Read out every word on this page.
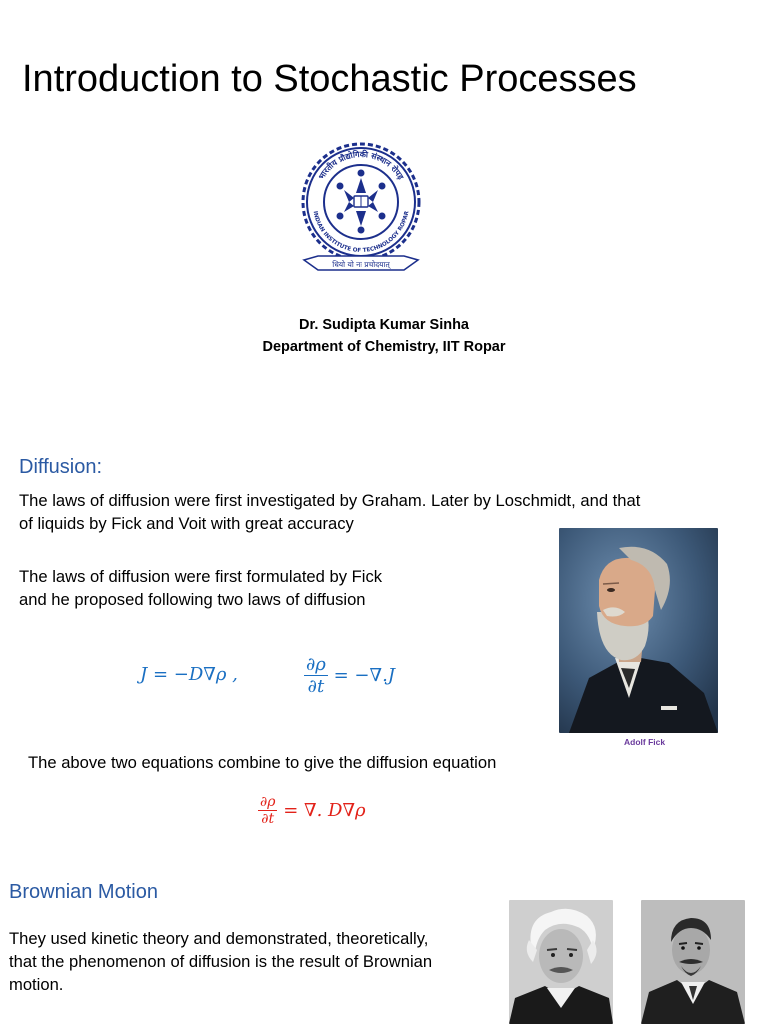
Introduction to Stochastic Processes
भारतीय प्रौद्योगिकी संस्थान रोपड़
INDIAN INSTITUTE OF TECHNOLOGY ROPAR
धियो यो नः प्रचोदयात्
Dr. Sudipta Kumar Sinha
Department of Chemistry, IIT Ropar
Diffusion:
The laws of diffusion were first investigated by Graham. Later by Loschmidt, and that
of liquids by Fick and Voit with great accuracy
The laws of diffusion were first formulated by Fick
and he proposed following two laws of diffusion
J = −D∇ρ ,	$\frac{\partial\rho}{\partial t} = -\nabla.J$
Adolf Fick
The above two equations combine to give the diffusion equation
$\frac{\partial\rho}{\partial t}$ = ∇. D∇ρ
Brownian Motion
They used kinetic theory and demonstrated, theoretically,
that the phenomenon of diffusion is the result of Brownian
motion.
